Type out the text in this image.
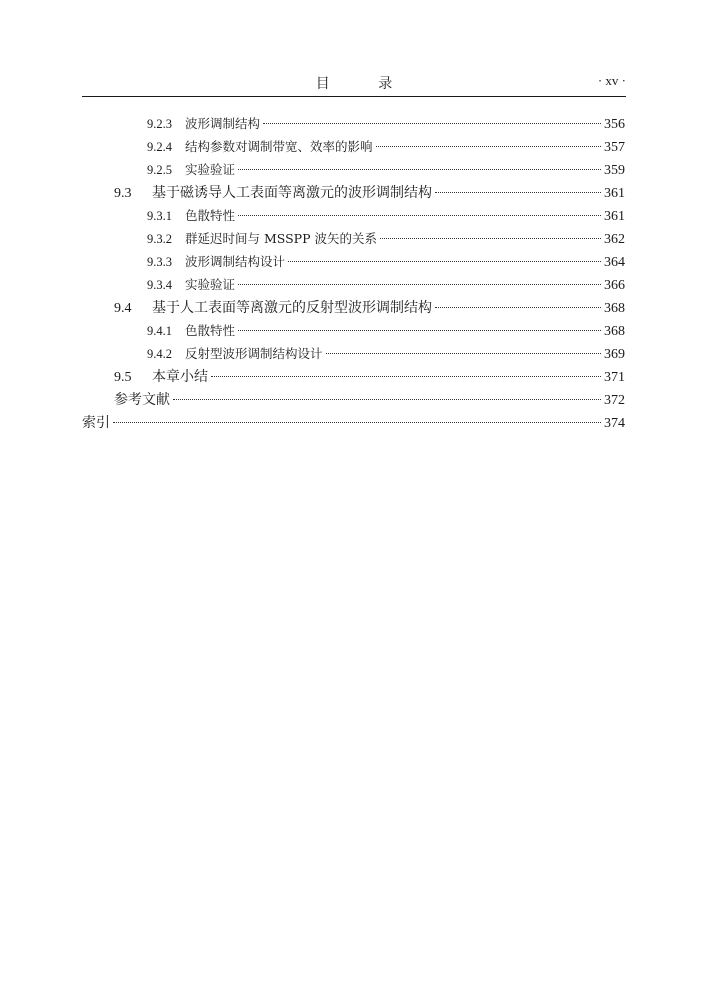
目 录	· xv ·
9.2.3	波形调制结构	356
9.2.4	结构参数对调制带宽、效率的影响	357
9.2.5	实验验证	359
9.3	基于磁诱导人工表面等离激元的波形调制结构	361
9.3.1	色散特性	361
9.3.2	群延迟时间与 MSSPP 波矢的关系	362
9.3.3	波形调制结构设计	364
9.3.4	实验验证	366
9.4	基于人工表面等离激元的反射型波形调制结构	368
9.4.1	色散特性	368
9.4.2	反射型波形调制结构设计	369
9.5	本章小结	371
参考文献	372
索引	374
